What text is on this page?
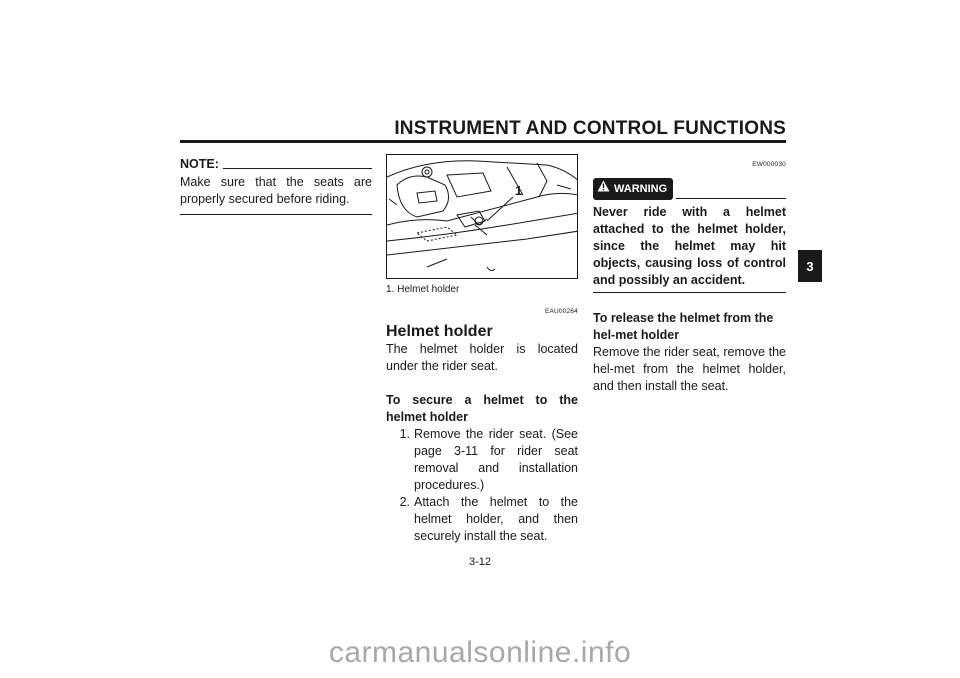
INSTRUMENT AND CONTROL FUNCTIONS
NOTE:
Make sure that the seats are properly secured before riding.
1
1. Helmet holder
EAU00264
Helmet holder
The helmet holder is located under the rider seat.
To secure a helmet to the helmet holder
1. Remove the rider seat. (See page 3-11 for rider seat removal and installation procedures.)
2. Attach the helmet to the helmet holder, and then securely install the seat.
EW000030
WARNING
Never ride with a helmet attached to the helmet holder, since the helmet may hit objects, causing loss of control and possibly an accident.
To release the helmet from the hel-met holder
Remove the rider seat, remove the hel-met from the helmet holder, and then install the seat.
3
3-12
carmanualsonline.info
